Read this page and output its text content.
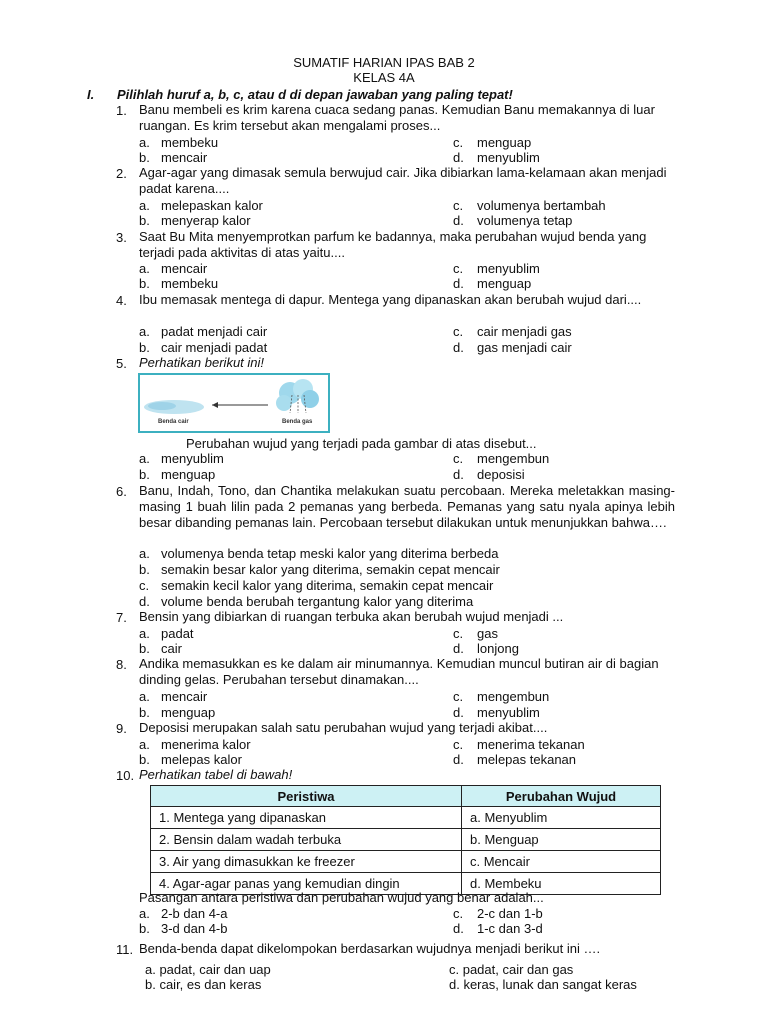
SUMATIF HARIAN IPAS BAB 2
KELAS 4A
I. Pilihlah huruf a, b, c, atau d di depan jawaban yang paling tepat!
1. Banu membeli es krim karena cuaca sedang panas. Kemudian Banu memakannya di luar ruangan. Es krim tersebut akan mengalami proses...
a. membeku
b. mencair
c. menguap
d. menyublim
2. Agar-agar yang dimasak semula berwujud cair. Jika dibiarkan lama-kelamaan akan menjadi padat karena....
a. melepaskan kalor
b. menyerap kalor
c. volumenya bertambah
d. volumenya tetap
3. Saat Bu Mita menyemprotkan parfum ke badannya, maka perubahan wujud benda yang terjadi pada aktivitas di atas yaitu....
a. mencair
b. membeku
c. menyublim
d. menguap
4. Ibu memasak mentega di dapur. Mentega yang dipanaskan akan berubah wujud dari....
a. padat menjadi cair
b. cair menjadi padat
c. cair menjadi gas
d. gas menjadi cair
5. Perhatikan berikut ini!
Benda cair	Benda gas
Perubahan wujud yang terjadi pada gambar di atas disebut...
a. menyublim
b. menguap
c. mengembun
d. deposisi
6. Banu, Indah, Tono, dan Chantika melakukan suatu percobaan. Mereka meletakkan masing-masing 1 buah lilin pada 2 pemanas yang berbeda. Pemanas yang satu nyala apinya lebih besar dibanding pemanas lain. Percobaan tersebut dilakukan untuk menunjukkan bahwa….
a. volumenya benda tetap meski kalor yang diterima berbeda
b. semakin besar kalor yang diterima, semakin cepat mencair
c. semakin kecil kalor yang diterima, semakin cepat mencair
d. volume benda berubah tergantung kalor yang diterima
7. Bensin yang dibiarkan di ruangan terbuka akan berubah wujud menjadi ...
a. padat
b. cair
c. gas
d. lonjong
8. Andika memasukkan es ke dalam air minumannya. Kemudian muncul butiran air di bagian dinding gelas. Perubahan tersebut dinamakan....
a. mencair
b. menguap
c. mengembun
d. menyublim
9. Deposisi merupakan salah satu perubahan wujud yang terjadi akibat....
a. menerima kalor
b. melepas kalor
c. menerima tekanan
d. melepas tekanan
10. Perhatikan tabel di bawah!
Peristiwa	Perubahan Wujud
1. Mentega yang dipanaskan	a. Menyublim
2. Bensin dalam wadah terbuka	b. Menguap
3. Air yang dimasukkan ke freezer	c. Mencair
4. Agar-agar panas yang kemudian dingin	d. Membeku
Pasangan antara peristiwa dan perubahan wujud yang benar adalah...
a. 2-b dan 4-a
b. 3-d dan 4-b
c. 2-c dan 1-b
d. 1-c dan 3-d
11. Benda-benda dapat dikelompokan berdasarkan wujudnya menjadi berikut ini ….
a. padat, cair dan uap
b. cair, es dan keras
c. padat, cair dan gas
d. keras, lunak dan sangat keras
